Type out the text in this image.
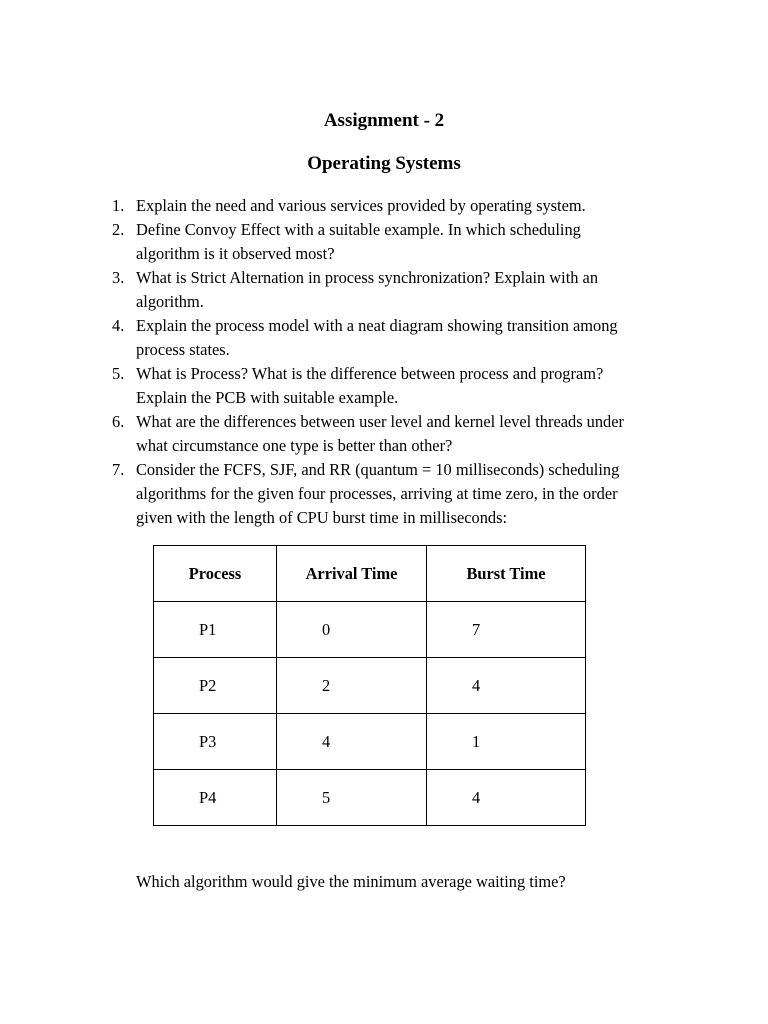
Assignment - 2
Operating Systems
1. Explain the need and various services provided by operating system.
2. Define Convoy Effect with a suitable example. In which scheduling
algorithm is it observed most?
3. What is Strict Alternation in process synchronization? Explain with an
algorithm.
4. Explain the process model with a neat diagram showing transition among
process states.
5. What is Process? What is the difference between process and program?
Explain the PCB with suitable example.
6. What are the differences between user level and kernel level threads under
what circumstance one type is better than other?
7. Consider the FCFS, SJF, and RR (quantum = 10 milliseconds) scheduling
algorithms for the given four processes, arriving at time zero, in the order
given with the length of CPU burst time in milliseconds:
Process	Arrival Time	Burst Time
P1	0	7
P2	2	4
P3	4	1
P4	5	4

Which algorithm would give the minimum average waiting time?
